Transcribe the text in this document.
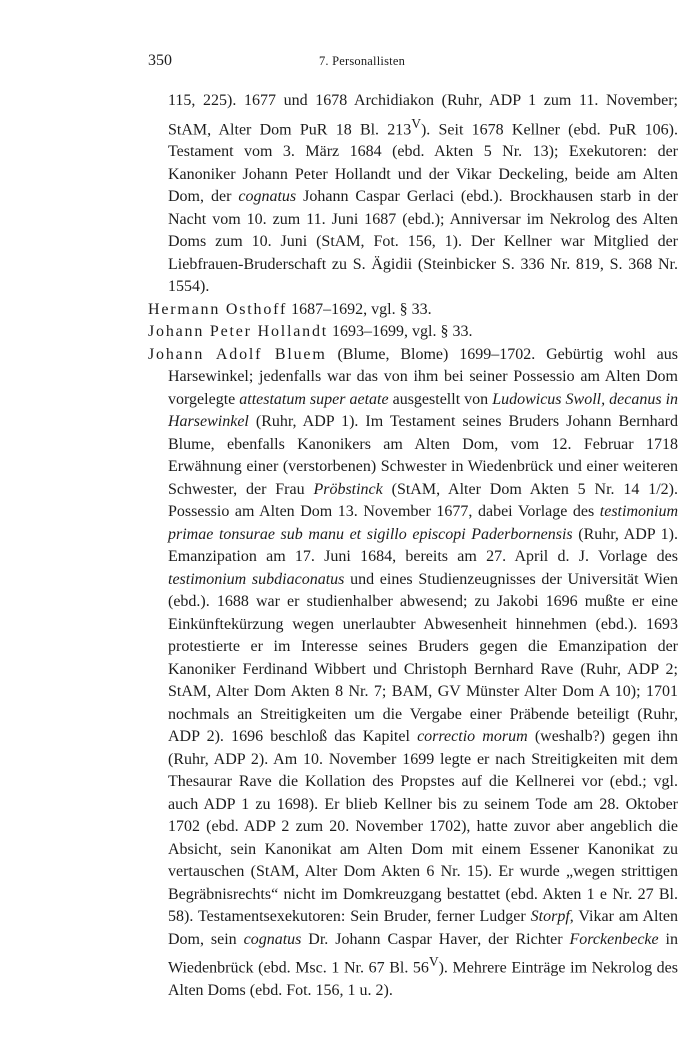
350	7. Personallisten

115, 225). 1677 und 1678 Archidiakon (Ruhr, ADP 1 zum 11. November; StAM, Alter Dom PuR 18 Bl. $213^V$). Seit 1678 Kellner (ebd. PuR 106). Testament vom 3. März 1684 (ebd. Akten 5 Nr. 13); Exekutoren: der Kanoniker Johann Peter Hollandt und der Vikar Deckeling, beide am Alten Dom, der cognatus Johann Caspar Gerlaci (ebd.). Brockhausen starb in der Nacht vom 10. zum 11. Juni 1687 (ebd.); Anniversar im Nekrolog des Alten Doms zum 10. Juni (StAM, Fot. 156, 1). Der Kellner war Mitglied der Liebfrauen-Bruderschaft zu S. Ägidii (Steinbicker S. 336 Nr. 819, S. 368 Nr. 1554).

Hermann Osthoff 1687–1692, vgl. § 33.

Johann Peter Hollandt 1693–1699, vgl. § 33.

Johann Adolf Bluem (Blume, Blome) 1699–1702. Gebürtig wohl aus Harsewinkel; jedenfalls war das von ihm bei seiner Possessio am Alten Dom vorgelegte attestatum super aetate ausgestellt von Ludowicus Swoll, decanus in Harsewinkel (Ruhr, ADP 1). Im Testament seines Bruders Johann Bernhard Blume, ebenfalls Kanonikers am Alten Dom, vom 12. Februar 1718 Erwähnung einer (verstorbenen) Schwester in Wiedenbrück und einer weiteren Schwester, der Frau Pröbstinck (StAM, Alter Dom Akten 5 Nr. 14 1/2). Possessio am Alten Dom 13. November 1677, dabei Vorlage des testimonium primae tonsurae sub manu et sigillo episcopi Paderbornensis (Ruhr, ADP 1). Emanzipation am 17. Juni 1684, bereits am 27. April d. J. Vorlage des testimonium subdiaconatus und eines Studienzeugnisses der Universität Wien (ebd.). 1688 war er studienhalber abwesend; zu Jakobi 1696 mußte er eine Einkünftekürzung wegen unerlaubter Abwesenheit hinnehmen (ebd.). 1693 protestierte er im Interesse seines Bruders gegen die Emanzipation der Kanoniker Ferdinand Wibbert und Christoph Bernhard Rave (Ruhr, ADP 2; StAM, Alter Dom Akten 8 Nr. 7; BAM, GV Münster Alter Dom A 10); 1701 nochmals an Streitigkeiten um die Vergabe einer Präbende beteiligt (Ruhr, ADP 2). 1696 beschloß das Kapitel correctio morum (weshalb?) gegen ihn (Ruhr, ADP 2). Am 10. November 1699 legte er nach Streitigkeiten mit dem Thesaurar Rave die Kollation des Propstes auf die Kellnerei vor (ebd.; vgl. auch ADP 1 zu 1698). Er blieb Kellner bis zu seinem Tode am 28. Oktober 1702 (ebd. ADP 2 zum 20. November 1702), hatte zuvor aber angeblich die Absicht, sein Kanonikat am Alten Dom mit einem Essener Kanonikat zu vertauschen (StAM, Alter Dom Akten 6 Nr. 15). Er wurde „wegen strittigen Begräbnisrechts“ nicht im Domkreuzgang bestattet (ebd. Akten 1 e Nr. 27 Bl. 58). Testamentsexekutoren: Sein Bruder, ferner Ludger Storpf, Vikar am Alten Dom, sein cognatus Dr. Johann Caspar Haver, der Richter Forckenbecke in Wiedenbrück (ebd. Msc. 1 Nr. 67 Bl. $56^V$). Mehrere Einträge im Nekrolog des Alten Doms (ebd. Fot. 156, 1 u. 2).
